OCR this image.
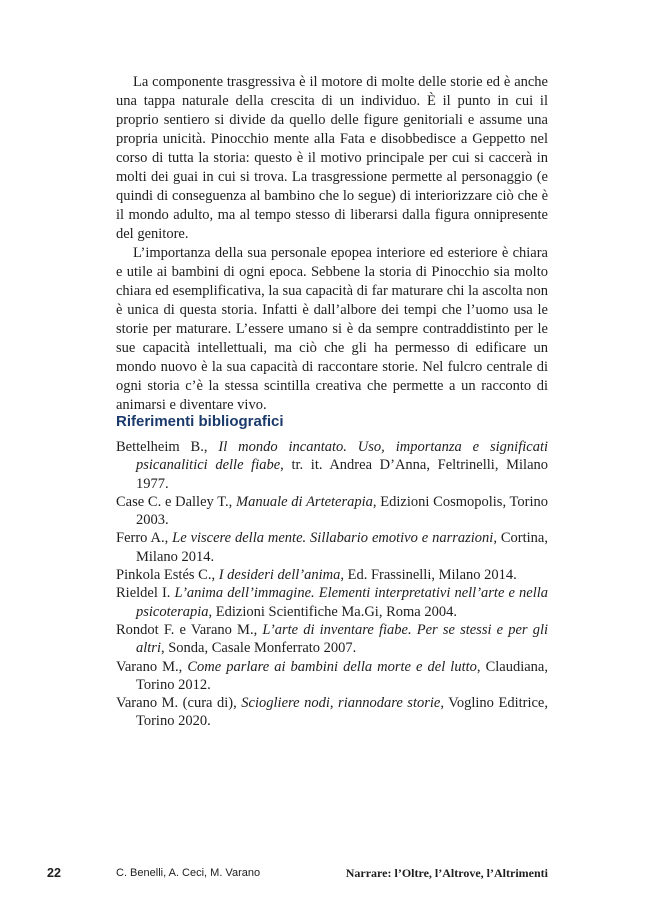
La componente trasgressiva è il motore di molte delle storie ed è anche una tappa naturale della crescita di un individuo. È il punto in cui il proprio sentiero si divide da quello delle figure genitoriali e assume una propria unicità. Pinocchio mente alla Fata e disobbedisce a Geppetto nel corso di tutta la storia: questo è il motivo principale per cui si caccerà in molti dei guai in cui si trova. La trasgressione permette al personaggio (e quindi di conseguenza al bambino che lo segue) di interiorizzare ciò che è il mondo adulto, ma al tempo stesso di liberarsi dalla figura onnipresente del genitore.

L’importanza della sua personale epopea interiore ed esteriore è chiara e utile ai bambini di ogni epoca. Sebbene la storia di Pinocchio sia molto chiara ed esemplificativa, la sua capacità di far maturare chi la ascolta non è unica di questa storia. Infatti è dall’albore dei tempi che l’uomo usa le storie per maturare. L’essere umano si è da sempre contraddistinto per le sue capacità intellettuali, ma ciò che gli ha permesso di edificare un mondo nuovo è la sua capacità di raccontare storie. Nel fulcro centrale di ogni storia c’è la stessa scintilla creativa che permette a un racconto di animarsi e diventare vivo.

Riferimenti bibliografici
Bettelheim B., Il mondo incantato. Uso, importanza e significati psicanalitici delle fiabe, tr. it. Andrea D’Anna, Feltrinelli, Milano 1977.
Case C. e Dalley T., Manuale di Arteterapia, Edizioni Cosmopolis, Torino 2003.
Ferro A., Le viscere della mente. Sillabario emotivo e narrazioni, Cortina, Milano 2014.
Pinkola Estés C., I desideri dell’anima, Ed. Frassinelli, Milano 2014.
Rieldel I. L’anima dell’immagine. Elementi interpretativi nell’arte e nella psicoterapia, Edizioni Scientifiche Ma.Gi, Roma 2004.
Rondot F. e Varano M., L’arte di inventare fiabe. Per se stessi e per gli altri, Sonda, Casale Monferrato 2007.
Varano M., Come parlare ai bambini della morte e del lutto, Claudiana, Torino 2012.
Varano M. (cura di), Sciogliere nodi, riannodare storie, Voglino Editrice, Torino 2020.
22	C. Benelli, A. Ceci, M. Varano	Narrare: l’Oltre, l’Altrove, l’Altrimenti
